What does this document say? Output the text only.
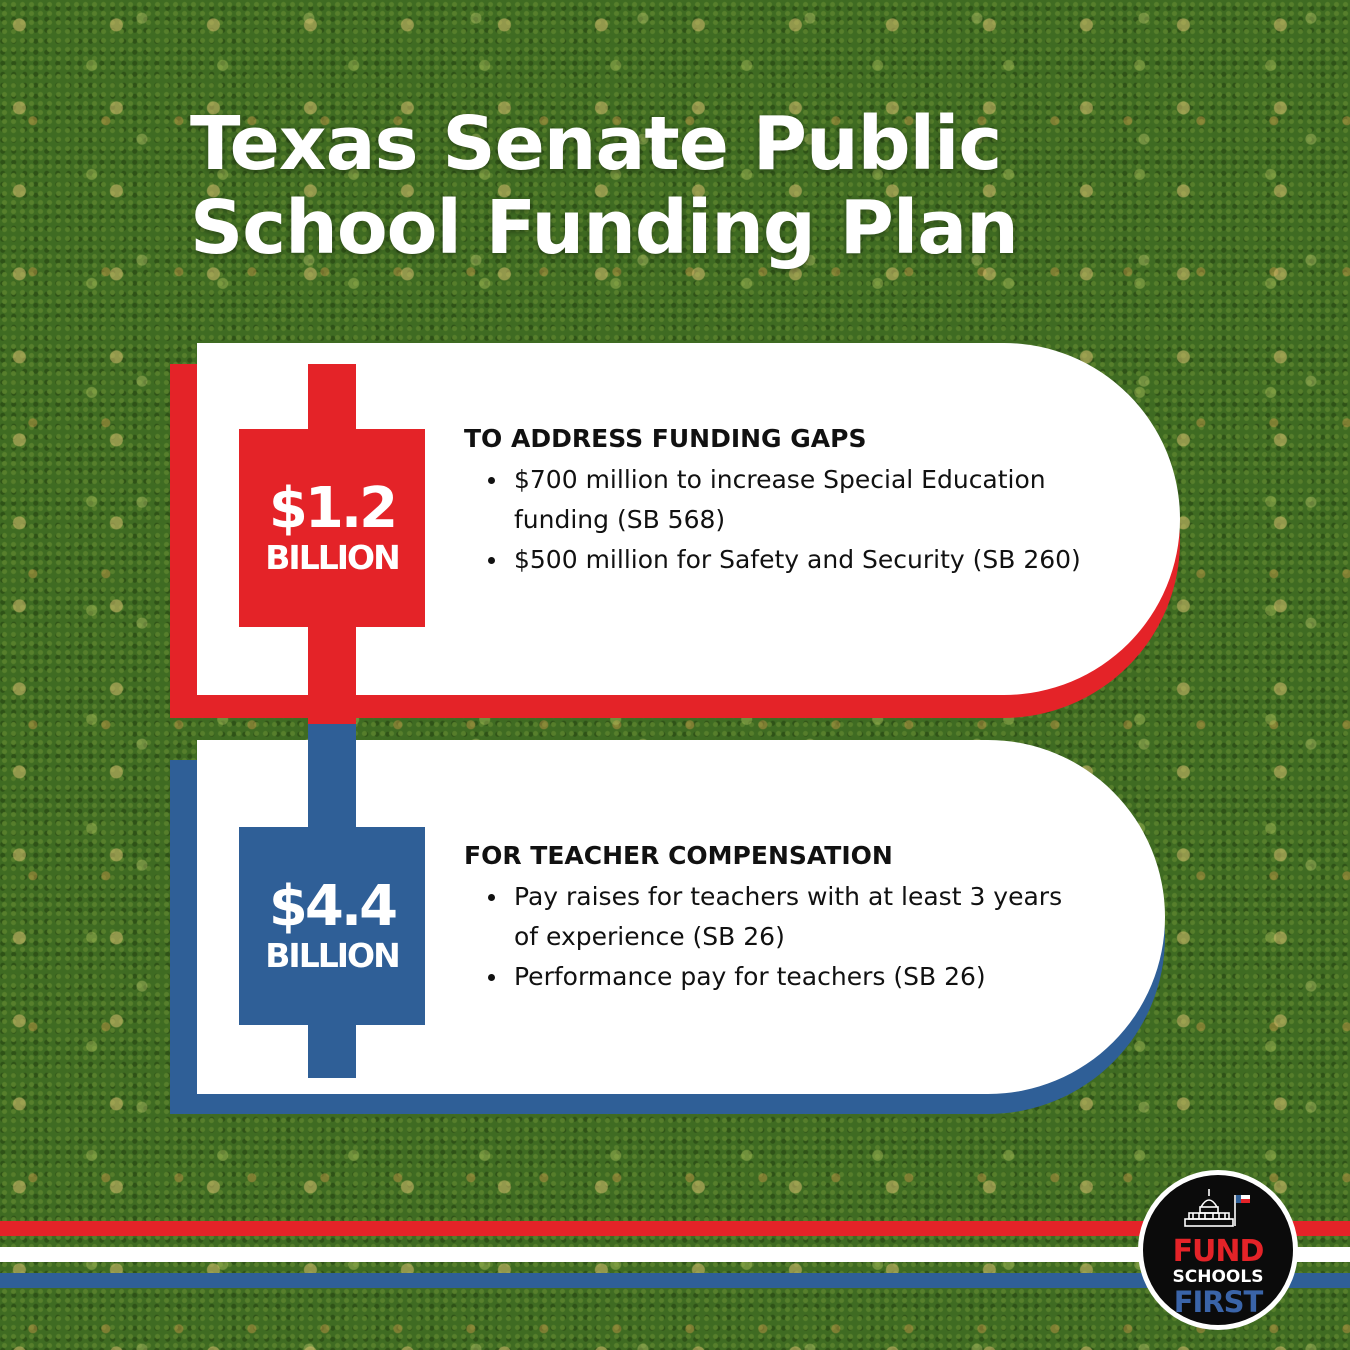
Texas Senate Public
School Funding Plan
$1.2
BILLION

TO ADDRESS FUNDING GAPS

$700 million to increase Special Education funding (SB 568)
$500 million for Safety and Security (SB 260)
$4.4
BILLION

FOR TEACHER COMPENSATION

Pay raises for teachers with at least 3 years of experience (SB 26)
Performance pay for teachers (SB 26)
FUND
SCHOOLS
FIRST
